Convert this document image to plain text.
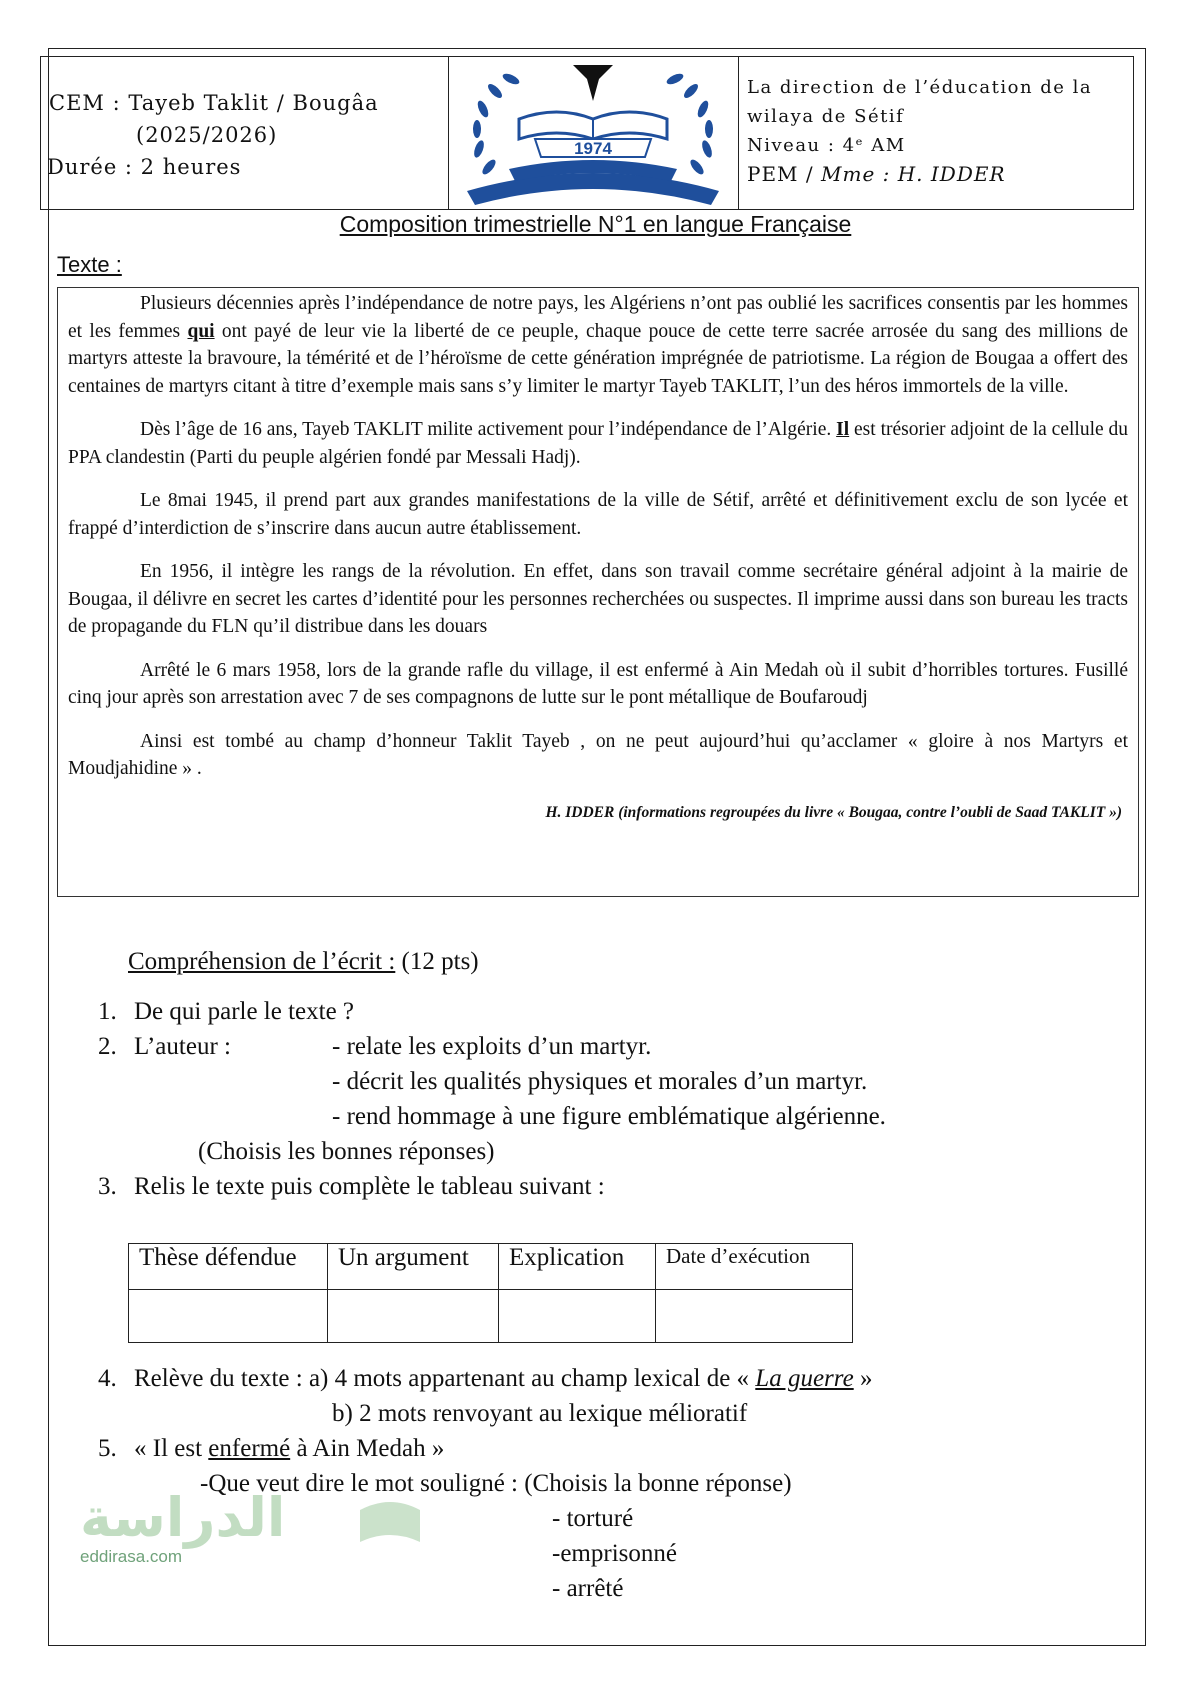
CEM : Tayeb Taklit / Bougâa
(2025/2026)
Durée : 2 heures
1974
La direction de l’éducation de la
wilaya de Sétif
Niveau : 4ᵉ AM
PEM / Mme : H. IDDER
Composition trimestrielle N°1 en langue Française
Texte :

Plusieurs décennies après l’indépendance de notre pays, les Algériens n’ont pas oublié les sacrifices consentis par les hommes et les femmes qui ont payé de leur vie la liberté de ce peuple, chaque pouce de cette terre sacrée arrosée du sang des millions de martyrs atteste la bravoure, la témérité et de l’héroïsme de cette génération imprégnée de patriotisme. La région de Bougaa a offert des centaines de martyrs citant à titre d’exemple mais sans s’y limiter le martyr Tayeb TAKLIT, l’un des héros immortels de la ville.

Dès l’âge de 16 ans, Tayeb TAKLIT milite activement pour l’indépendance de l’Algérie. Il est trésorier adjoint de la cellule du PPA clandestin (Parti du peuple algérien fondé par Messali Hadj).

Le 8mai 1945, il prend part aux grandes manifestations de la ville de Sétif, arrêté et définitivement exclu de son lycée et frappé d’interdiction de s’inscrire dans aucun autre établissement.

En 1956, il intègre les rangs de la révolution. En effet, dans son travail comme secrétaire général adjoint à la mairie de Bougaa, il délivre en secret les cartes d’identité pour les personnes recherchées ou suspectes. Il imprime aussi dans son bureau les tracts de propagande du FLN qu’il distribue dans les douars

Arrêté le 6 mars 1958, lors de la grande rafle du village, il est enfermé à Ain Medah où il subit d’horribles tortures. Fusillé cinq jour après son arrestation avec 7 de ses compagnons de lutte sur le pont métallique de Boufaroudj

Ainsi est tombé au champ d’honneur Taklit Tayeb , on ne peut aujourd’hui qu’acclamer « gloire à nos Martyrs et Moudjahidine » .

H. IDDER (informations regroupées du livre « Bougaa, contre l’oubli de Saad TAKLIT »)

Compréhension de l’écrit : (12 pts)
1. De qui parle le texte ?
2. L’auteur :	- relate les exploits d’un martyr.
- décrit les qualités physiques et morales d’un martyr.
- rend hommage à une figure emblématique algérienne.
(Choisis les bonnes réponses)
3. Relis le texte puis complète le tableau suivant :
Thèse défendue	Un argument	Explication	Date d’exécution

4. Relève du texte : a) 4 mots appartenant au champ lexical de « La guerre »
b) 2 mots renvoyant au lexique mélioratif
5. « Il est enfermé à Ain Medah »
-Que veut dire le mot souligné : (Choisis la bonne réponse)
- torturé
-emprisonné
- arrêté
الدراسة
eddirasa.com
